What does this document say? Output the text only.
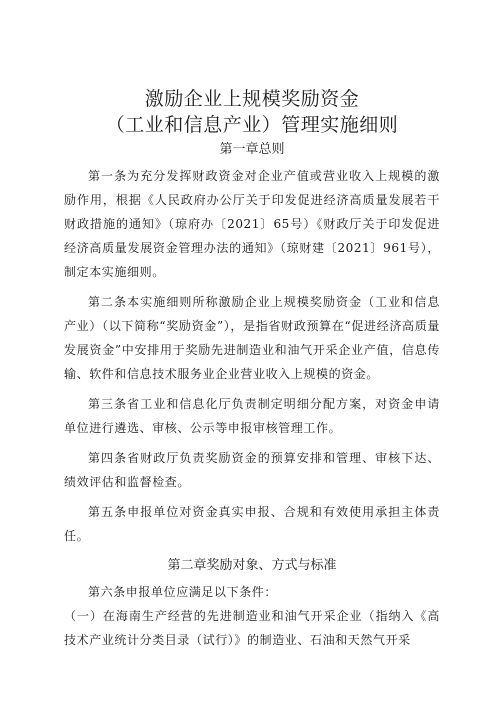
激励企业上规模奖励资金
（工业和信息产业）管理实施细则
第一章总则

第一条为充分发挥财政资金对企业产值或营业收入上规模的激励作用，根据《人民政府办公厅关于印发促进经济高质量发展若干财政措施的通知》（琼府办〔2021〕65号）《财政厅关于印发促进经济高质量发展资金管理办法的通知》（琼财建〔2021〕961号），制定本实施细则。

第二条本实施细则所称激励企业上规模奖励资金（工业和信息产业）（以下简称“奖励资金”），是指省财政预算在“促进经济高质量发展资金”中安排用于奖励先进制造业和油气开采企业产值，信息传输、软件和信息技术服务业企业营业收入上规模的资金。

第三条省工业和信息化厅负责制定明细分配方案，对资金申请单位进行遴选、审核、公示等申报审核管理工作。

第四条省财政厅负责奖励资金的预算安排和管理、审核下达、绩效评估和监督检查。

第五条申报单位对资金真实申报、合规和有效使用承担主体责任。

第二章奖励对象、方式与标准

第六条申报单位应满足以下条件：

（一）在海南生产经营的先进制造业和油气开采企业（指纳入《高技术产业统计分类目录（试行）》的制造业、石油和天然气开采
